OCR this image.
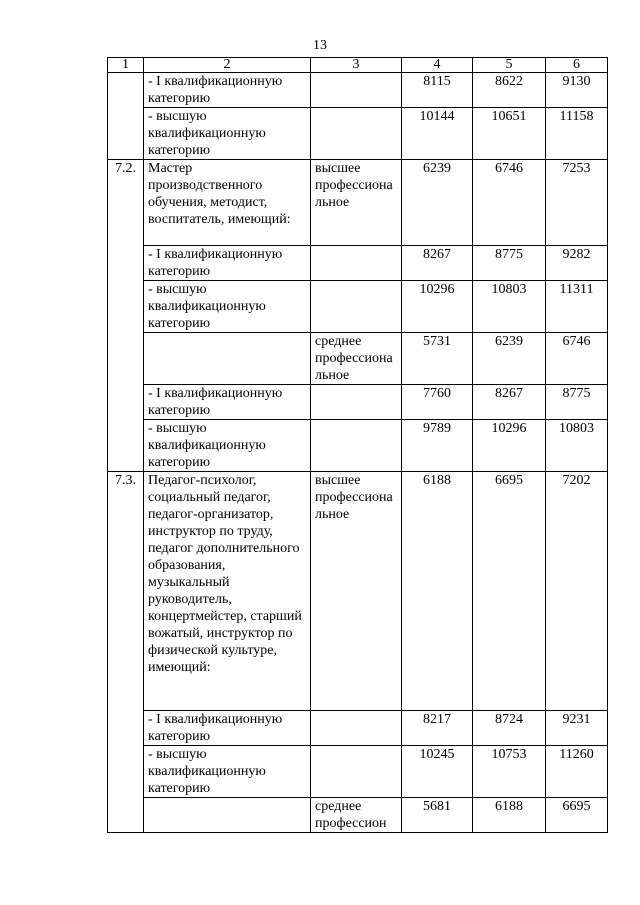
13
1	2	3	4	5	6
	- I квалификационную категорию		8115	8622	9130
	- высшую квалификационную категорию		10144	10651	11158
7.2.	Мастер производственного обучения, методист, воспитатель, имеющий:	высшее профессиональное	6239	6746	7253
	- I квалификационную категорию		8267	8775	9282
	- высшую квалификационную категорию		10296	10803	11311
		среднее профессиональное	5731	6239	6746
	- I квалификационную категорию		7760	8267	8775
	- высшую квалификационную категорию		9789	10296	10803
7.3.	Педагог-психолог, социальный педагог, педагог-организатор, инструктор по труду, педагог дополнительного образования, музыкальный руководитель, концертмейстер, старший вожатый, инструктор по физической культуре, имеющий:	высшее профессиональное	6188	6695	7202
	- I квалификационную категорию		8217	8724	9231
	- высшую квалификационную категорию		10245	10753	11260
		среднее профессион	5681	6188	6695
